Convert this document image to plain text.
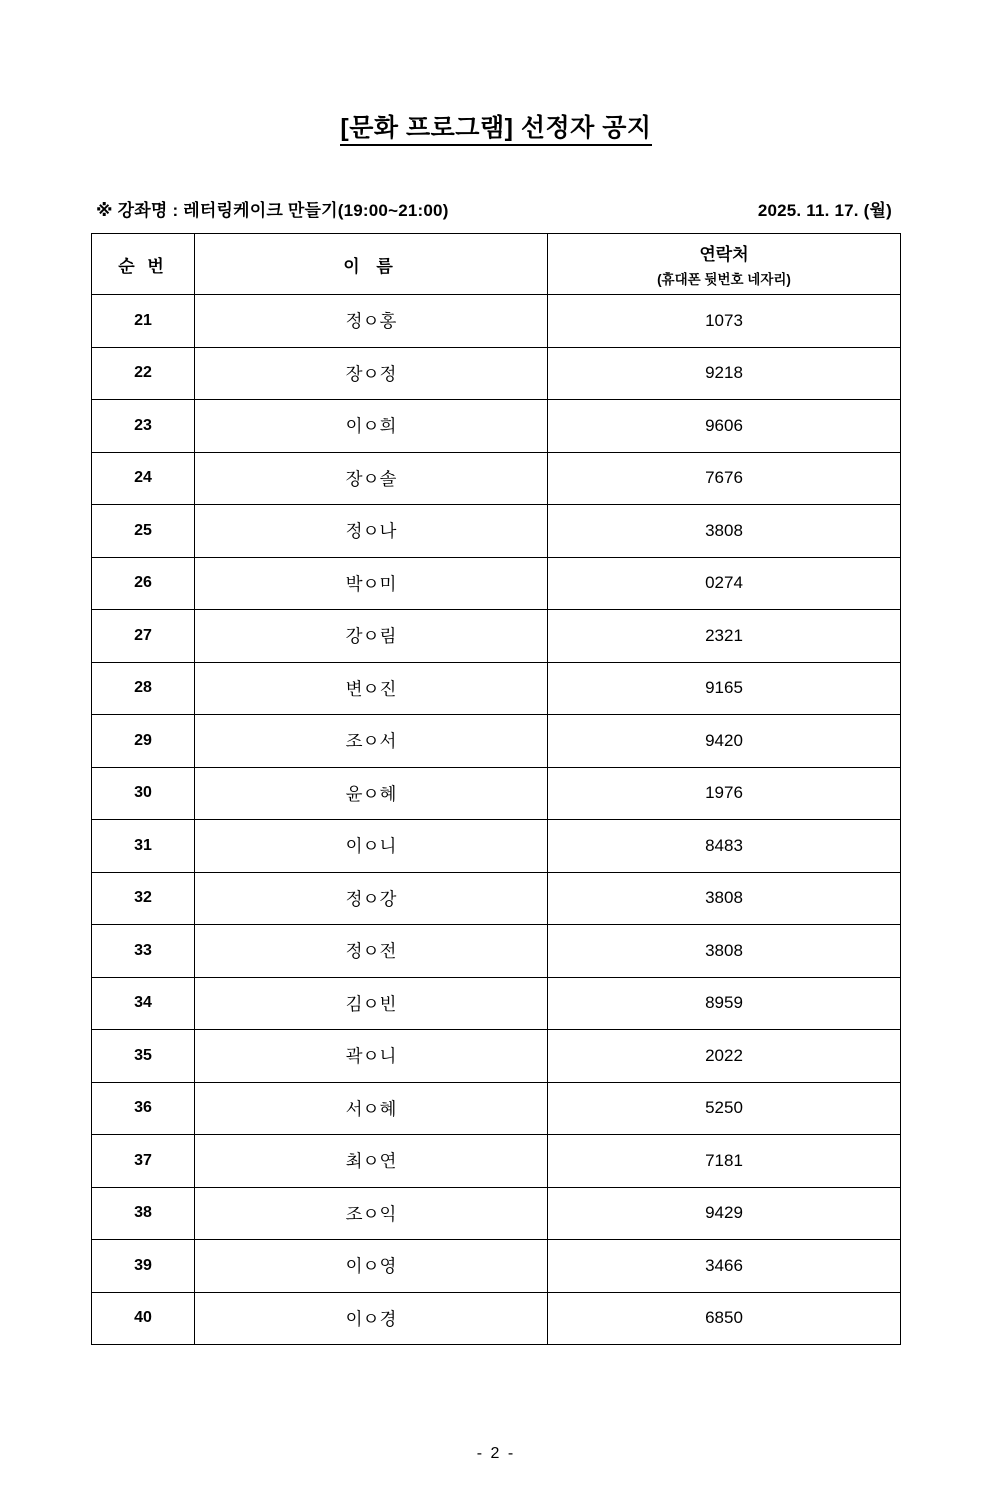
[문화 프로그램] 선정자 공지
※ 강좌명 : 레터링케이크 만들기(19:00~21:00)	2025. 11. 17. (월)
순 번	이 름	연락처
(휴대폰 뒷번호 네자리)

21	정ㅇ홍	1073
22	장ㅇ정	9218
23	이ㅇ희	9606
24	장ㅇ솔	7676
25	정ㅇ나	3808
26	박ㅇ미	0274
27	강ㅇ림	2321
28	변ㅇ진	9165
29	조ㅇ서	9420
30	윤ㅇ혜	1976
31	이ㅇ니	8483
32	정ㅇ강	3808
33	정ㅇ전	3808
34	김ㅇ빈	8959
35	곽ㅇ니	2022
36	서ㅇ혜	5250
37	최ㅇ연	7181
38	조ㅇ익	9429
39	이ㅇ영	3466
40	이ㅇ경	6850
- 2 -
